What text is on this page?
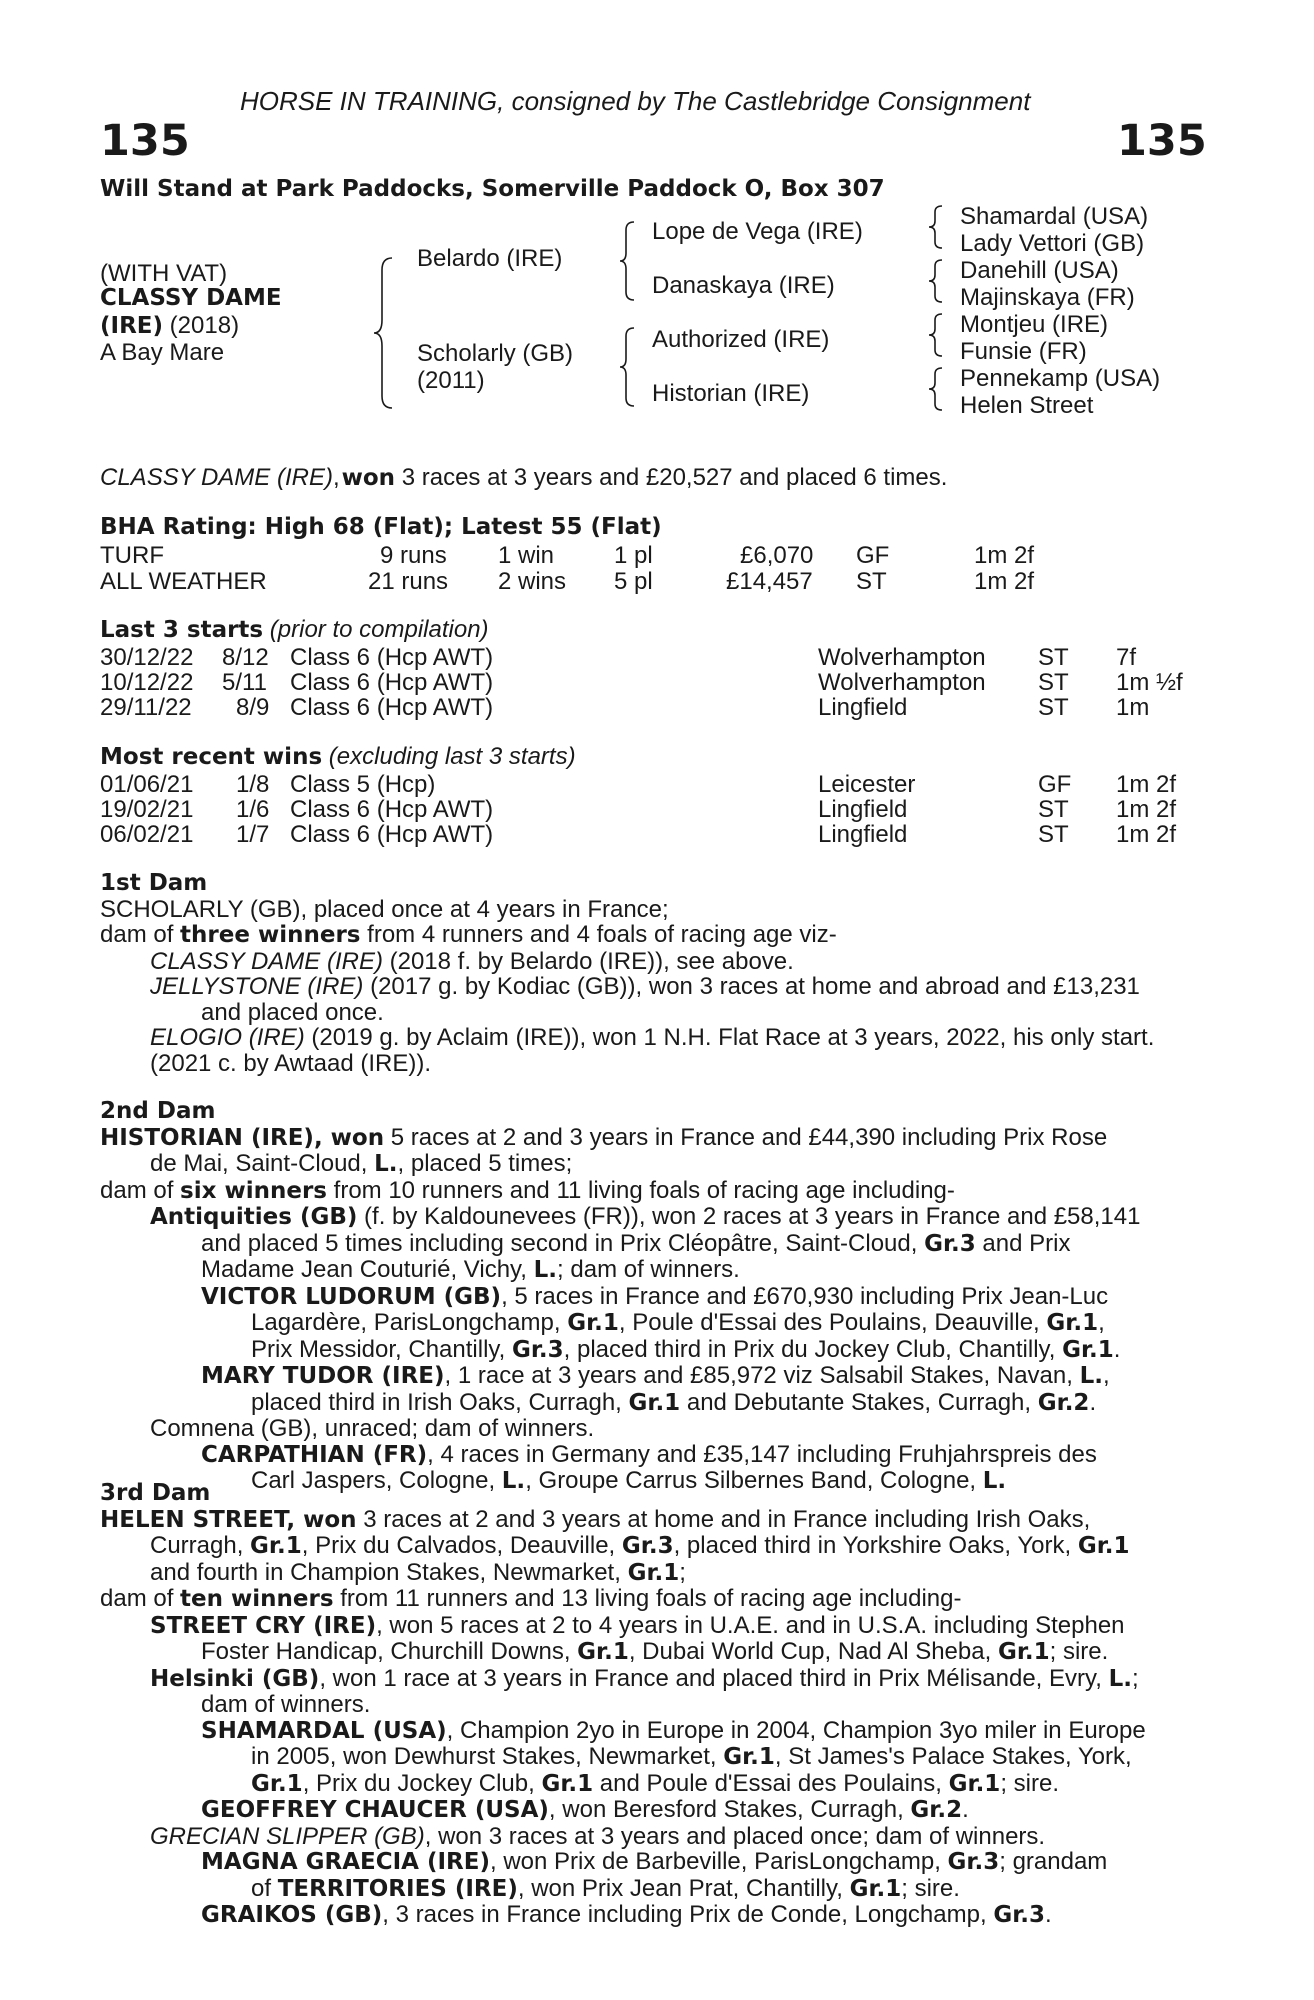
HORSE IN TRAINING, consigned by The Castlebridge Consignment
135	135
Will Stand at Park Paddocks, Somerville Paddock O, Box 307
(WITH VAT)
CLASSY DAME
(IRE) (2018)
A Bay Mare
Belardo (IRE)
Scholarly (GB)
(2011)
Lope de Vega (IRE)
Danaskaya (IRE)
Authorized (IRE)
Historian (IRE)
Shamardal (USA)
Lady Vettori (GB)
Danehill (USA)
Majinskaya (FR)
Montjeu (IRE)
Funsie (FR)
Pennekamp (USA)
Helen Street
CLASSY DAME (IRE), won 3 races at 3 years and £20,527 and placed 6 times.
BHA Rating: High 68 (Flat); Latest 55 (Flat)
TURF	9 runs 1 win 1 pl	£6,070 GF	1m 2f
ALL WEATHER	21 runs 2 wins 5 pl	£14,457 ST	1m 2f
Last 3 starts (prior to compilation)
30/12/22 8/12 Class 6 (Hcp AWT)	Wolverhampton ST 7f
10/12/22 5/11 Class 6 (Hcp AWT)	Wolverhampton ST 1m ½f
29/11/22 8/9 Class 6 (Hcp AWT)	Lingfield	ST 1m
Most recent wins (excluding last 3 starts)
01/06/21 1/8 Class 5 (Hcp)	Leicester	GF 1m 2f
19/02/21 1/6 Class 6 (Hcp AWT)	Lingfield	ST 1m 2f
06/02/21 1/7 Class 6 (Hcp AWT)	Lingfield	ST 1m 2f

1st Dam

SCHOLARLY (GB), placed once at 4 years in France;

dam of three winners from 4 runners and 4 foals of racing age viz-

CLASSY DAME (IRE) (2018 f. by Belardo (IRE)), see above.

JELLYSTONE (IRE) (2017 g. by Kodiac (GB)), won 3 races at home and abroad and £13,231

and placed once.

ELOGIO (IRE) (2019 g. by Aclaim (IRE)), won 1 N.H. Flat Race at 3 years, 2022, his only start.

(2021 c. by Awtaad (IRE)).

2nd Dam

HISTORIAN (IRE), won 5 races at 2 and 3 years in France and £44,390 including Prix Rose

de Mai, Saint-Cloud, L., placed 5 times;

dam of six winners from 10 runners and 11 living foals of racing age including-

Antiquities (GB) (f. by Kaldounevees (FR)), won 2 races at 3 years in France and £58,141

and placed 5 times including second in Prix Cléopâtre, Saint-Cloud, Gr.3 and Prix

Madame Jean Couturié, Vichy, L.; dam of winners.

VICTOR LUDORUM (GB), 5 races in France and £670,930 including Prix Jean-Luc

Lagardère, ParisLongchamp, Gr.1, Poule d'Essai des Poulains, Deauville, Gr.1,

Prix Messidor, Chantilly, Gr.3, placed third in Prix du Jockey Club, Chantilly, Gr.1.

MARY TUDOR (IRE), 1 race at 3 years and £85,972 viz Salsabil Stakes, Navan, L.,

placed third in Irish Oaks, Curragh, Gr.1 and Debutante Stakes, Curragh, Gr.2.

Comnena (GB), unraced; dam of winners.

CARPATHIAN (FR), 4 races in Germany and £35,147 including Fruhjahrspreis des

Carl Jaspers, Cologne, L., Groupe Carrus Silbernes Band, Cologne, L.

3rd Dam

HELEN STREET, won 3 races at 2 and 3 years at home and in France including Irish Oaks,

Curragh, Gr.1, Prix du Calvados, Deauville, Gr.3, placed third in Yorkshire Oaks, York, Gr.1

and fourth in Champion Stakes, Newmarket, Gr.1;

dam of ten winners from 11 runners and 13 living foals of racing age including-

STREET CRY (IRE), won 5 races at 2 to 4 years in U.A.E. and in U.S.A. including Stephen

Foster Handicap, Churchill Downs, Gr.1, Dubai World Cup, Nad Al Sheba, Gr.1; sire.

Helsinki (GB), won 1 race at 3 years in France and placed third in Prix Mélisande, Evry, L.;

dam of winners.

SHAMARDAL (USA), Champion 2yo in Europe in 2004, Champion 3yo miler in Europe

in 2005, won Dewhurst Stakes, Newmarket, Gr.1, St James's Palace Stakes, York,

Gr.1, Prix du Jockey Club, Gr.1 and Poule d'Essai des Poulains, Gr.1; sire.

GEOFFREY CHAUCER (USA), won Beresford Stakes, Curragh, Gr.2.

GRECIAN SLIPPER (GB), won 3 races at 3 years and placed once; dam of winners.

MAGNA GRAECIA (IRE), won Prix de Barbeville, ParisLongchamp, Gr.3; grandam

of TERRITORIES (IRE), won Prix Jean Prat, Chantilly, Gr.1; sire.

GRAIKOS (GB), 3 races in France including Prix de Conde, Longchamp, Gr.3.
